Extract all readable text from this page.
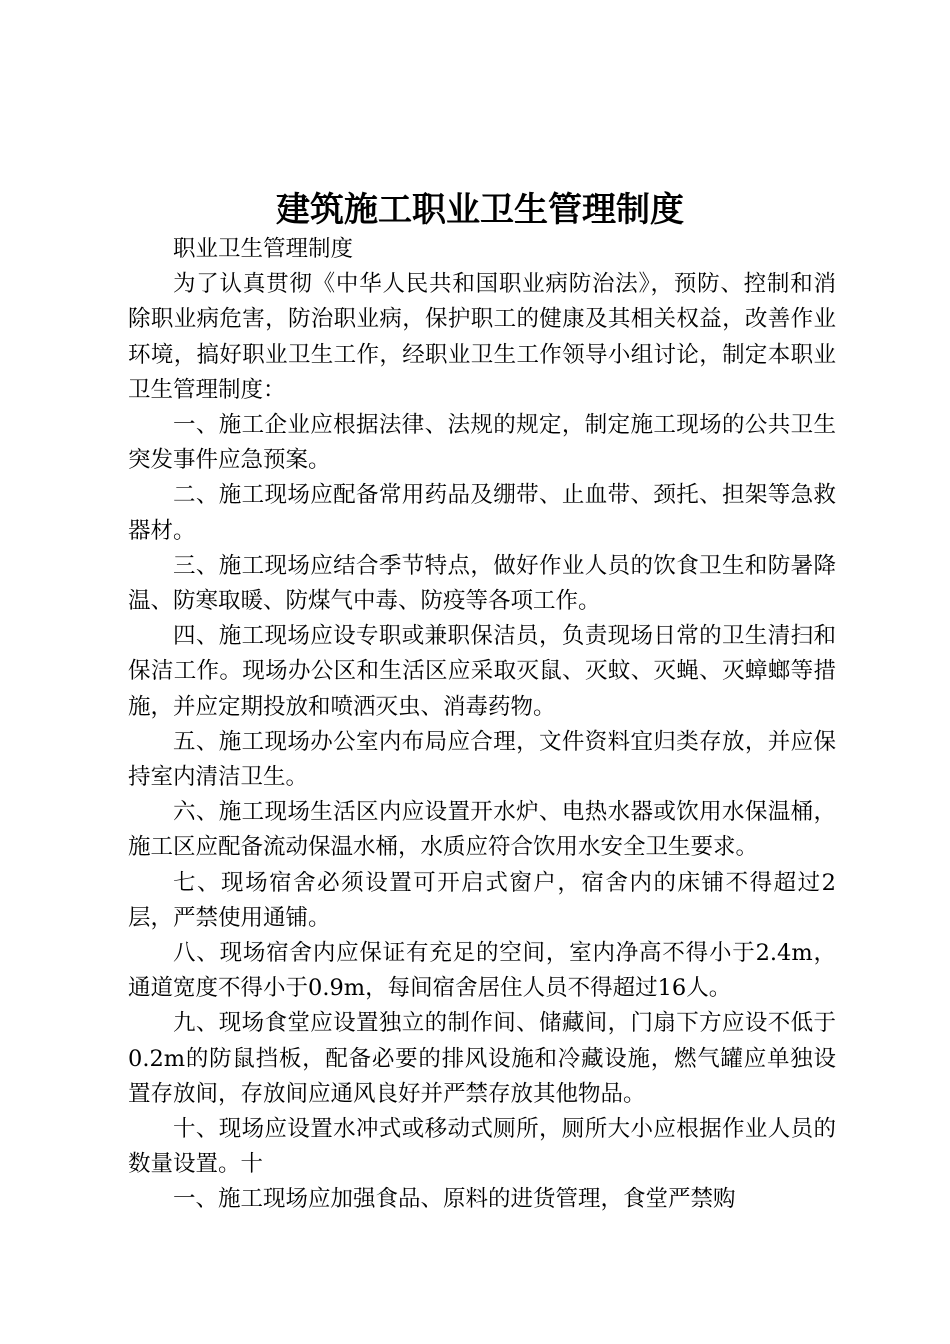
建筑施工职业卫生管理制度

职业卫生管理制度

为了认真贯彻《中华人民共和国职业病防治法》，预防、控制和消除职业病危害，防治职业病，保护职工的健康及其相关权益，改善作业环境，搞好职业卫生工作，经职业卫生工作领导小组讨论，制定本职业卫生管理制度：

一、施工企业应根据法律、法规的规定，制定施工现场的公共卫生突发事件应急预案。

二、施工现场应配备常用药品及绷带、止血带、颈托、担架等急救器材。

三、施工现场应结合季节特点，做好作业人员的饮食卫生和防暑降温、防寒取暖、防煤气中毒、防疫等各项工作。

四、施工现场应设专职或兼职保洁员，负责现场日常的卫生清扫和保洁工作。现场办公区和生活区应采取灭鼠、灭蚊、灭蝇、灭蟑螂等措施，并应定期投放和喷洒灭虫、消毒药物。

五、施工现场办公室内布局应合理，文件资料宜归类存放，并应保持室内清洁卫生。

六、施工现场生活区内应设置开水炉、电热水器或饮用水保温桶，施工区应配备流动保温水桶，水质应符合饮用水安全卫生要求。

七、现场宿舍必须设置可开启式窗户，宿舍内的床铺不得超过2层，严禁使用通铺。

八、现场宿舍内应保证有充足的空间，室内净高不得小于2.4m，通道宽度不得小于0.9m，每间宿舍居住人员不得超过16人。

九、现场食堂应设置独立的制作间、储藏间，门扇下方应设不低于0.2m的防鼠挡板，配备必要的排风设施和冷藏设施，燃气罐应单独设置存放间，存放间应通风良好并严禁存放其他物品。

十、现场应设置水冲式或移动式厕所，厕所大小应根据作业人员的数量设置。十

一、施工现场应加强食品、原料的进货管理，食堂严禁购
